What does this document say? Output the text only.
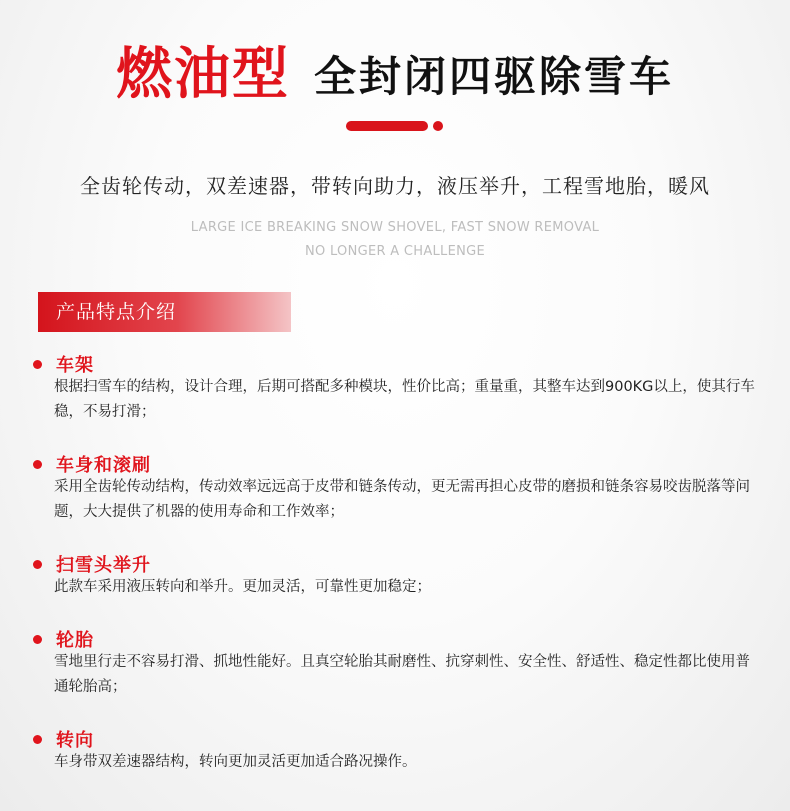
燃油型 全封闭四驱除雪车
全齿轮传动，双差速器，带转向助力，液压举升，工程雪地胎，暖风
LARGE ICE BREAKING SNOW SHOVEL, FAST SNOW REMOVAL
NO LONGER A CHALLENGE
产品特点介绍
车架
根据扫雪车的结构，设计合理，后期可搭配多种模块，性价比高；重量重，其整车达到900KG以上，使其行车稳，不易打滑；
车身和滚刷
采用全齿轮传动结构，传动效率远远高于皮带和链条传动，更无需再担心皮带的磨损和链条容易咬齿脱落等问题，大大提供了机器的使用寿命和工作效率；
扫雪头举升
此款车采用液压转向和举升。更加灵活，可靠性更加稳定；
轮胎
雪地里行走不容易打滑、抓地性能好。且真空轮胎其耐磨性、抗穿刺性、安全性、舒适性、稳定性都比使用普通轮胎高；
转向
车身带双差速器结构，转向更加灵活更加适合路况操作。
